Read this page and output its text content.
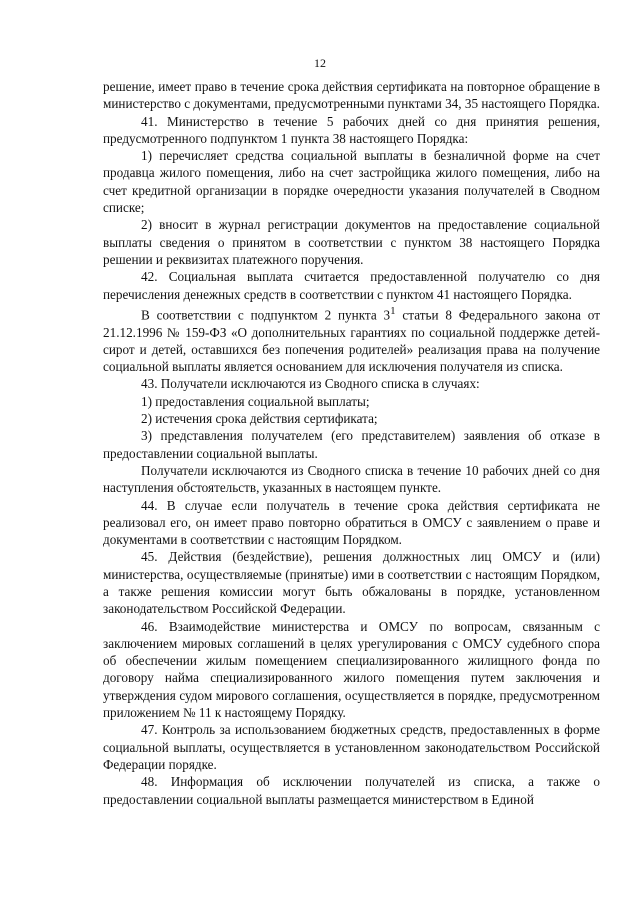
12

решение, имеет право в течение срока действия сертификата на повторное обращение в министерство с документами, предусмотренными пунктами 34, 35 настоящего Порядка.

41. Министерство в течение 5 рабочих дней со дня принятия решения, предусмотренного подпунктом 1 пункта 38 настоящего Порядка:

1) перечисляет средства социальной выплаты в безналичной форме на счет продавца жилого помещения, либо на счет застройщика жилого помещения, либо на счет кредитной организации в порядке очередности указания получателей в Сводном списке;

2) вносит в журнал регистрации документов на предоставление социальной выплаты сведения о принятом в соответствии с пунктом 38 настоящего Порядка решении и реквизитах платежного поручения.

42. Социальная выплата считается предоставленной получателю со дня перечисления денежных средств в соответствии с пунктом 41 настоящего Порядка.

В соответствии с подпунктом 2 пункта $3^1$ статьи 8 Федерального закона от 21.12.1996 № 159-ФЗ «О дополнительных гарантиях по социальной поддержке детей-сирот и детей, оставшихся без попечения родителей» реализация права на получение социальной выплаты является основанием для исключения получателя из списка.

43. Получатели исключаются из Сводного списка в случаях:

1) предоставления социальной выплаты;

2) истечения срока действия сертификата;

3) представления получателем (его представителем) заявления об отказе в предоставлении социальной выплаты.

Получатели исключаются из Сводного списка в течение 10 рабочих дней со дня наступления обстоятельств, указанных в настоящем пункте.

44. В случае если получатель в течение срока действия сертификата не реализовал его, он имеет право повторно обратиться в ОМСУ с заявлением о праве и документами в соответствии с настоящим Порядком.

45. Действия (бездействие), решения должностных лиц ОМСУ и (или) министерства, осуществляемые (принятые) ими в соответствии с настоящим Порядком, а также решения комиссии могут быть обжалованы в порядке, установленном законодательством Российской Федерации.

46. Взаимодействие министерства и ОМСУ по вопросам, связанным с заключением мировых соглашений в целях урегулирования с ОМСУ судебного спора об обеспечении жилым помещением специализированного жилищного фонда по договору найма специализированного жилого помещения путем заключения и утверждения судом мирового соглашения, осуществляется в порядке, предусмотренном приложением № 11 к настоящему Порядку.

47. Контроль за использованием бюджетных средств, предоставленных в форме социальной выплаты, осуществляется в установленном законодательством Российской Федерации порядке.

48. Информация об исключении получателей из списка, а также о предоставлении социальной выплаты размещается министерством в Единой
